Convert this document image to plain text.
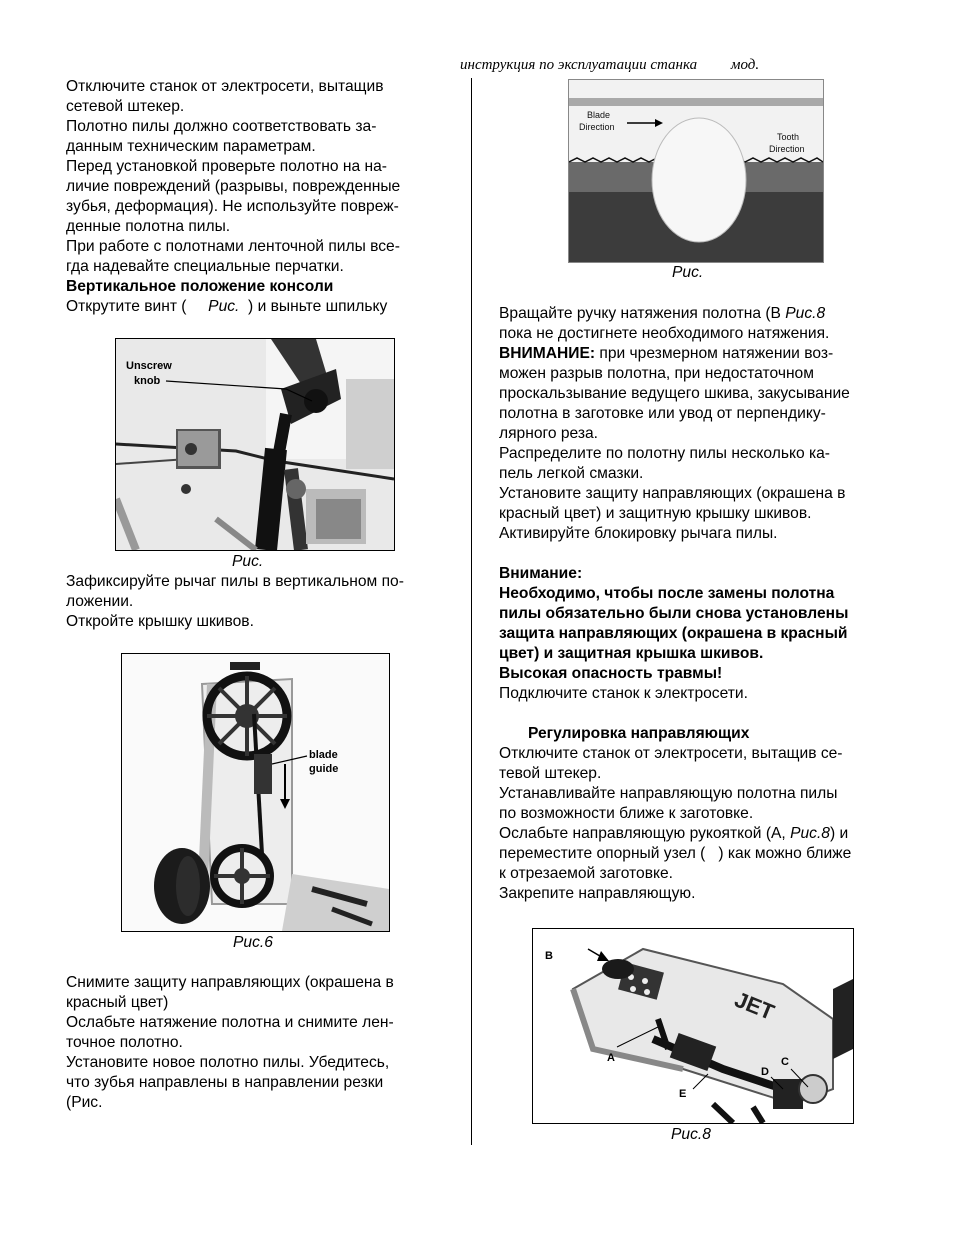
инструкция по эксплуатации станка         мод.

Отключите станок от электросети, вытащив

сетевой штекер.

Полотно пилы должно соответствовать за-

данным техническим параметрам.

Перед установкой проверьте полотно на на-

личие повреждений (разрывы, поврежденные

зубья, деформация). Не используйте повреж-

денные полотна пилы.

При работе с полотнами ленточной пилы все-

гда надевайте специальные перчатки.

Вертикальное положение консоли

Открутите винт ( Рис. ) и выньте шпильку

Unscrew knob
Рис.

Зафиксируйте рычаг пилы в вертикальном по-

ложении.

Откройте крышку шкивов.

blade guide
Рис.6

Снимите защиту направляющих (окрашена в

красный цвет)

Ослабьте натяжение полотна и снимите лен-

точное полотно.

Установите новое полотно пилы. Убедитесь,

что зубья направлены в направлении резки

(Рис.

Blade Direction
Tooth Direction
Рис.

Вращайте ручку натяжения полотна (В Рис.8

пока не достигнете необходимого натяжения.

ВНИМАНИЕ: при чрезмерном натяжении воз-

можен разрыв полотна, при недостаточном

проскальзывание ведущего шкива, закусывание

полотна в заготовке или увод от перпендику-

лярного реза.

Распределите по полотну пилы несколько ка-

пель легкой смазки.

Установите защиту направляющих (окрашена в

красный цвет) и защитную крышку шкивов.

Активируйте блокировку рычага пилы.

Внимание:

Необходимо, чтобы после замены полотна

пилы обязательно были снова установлены

защита направляющих (окрашена в красный

цвет) и защитная крышка шкивов.

Высокая опасность травмы!

Подключите станок к электросети.

Регулировка направляющих

Отключите станок от электросети, вытащив се-

тевой штекер.

Устанавливайте направляющую полотна пилы

по возможности ближе к заготовке.

Ослабьте направляющую рукояткой (А, Рис.8) и

переместите опорный узел (   ) как можно ближе

к отрезаемой заготовке.

Закрепите направляющую.

JET
B
A
E
D
C
Рис.8
